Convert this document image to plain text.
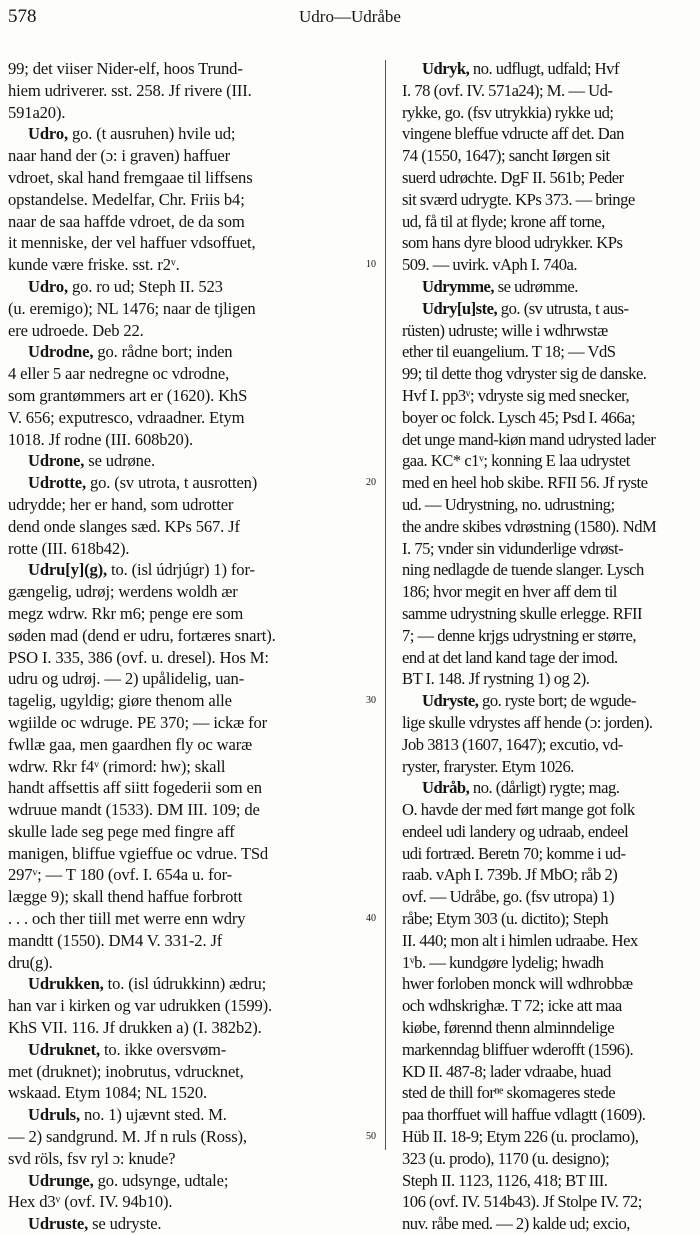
578	Udro—Udråbe
99; det viiser Nider-elf, hoos Trund-
hiem udriverer. sst. 258. Jf rivere (III.
591a20).
Udro, go. (t ausruhen) hvile ud;
naar hand der (ɔ: i graven) haffuer
vdroet, skal hand fremgaae til liffsens
opstandelse. Medelfar, Chr. Friis b4;
naar de saa haffde vdroet, de da som
it menniske, der vel haffuer vdsoffuet,
kunde være friske. sst. r2ᵛ.
Udro, go. ro ud; Steph II. 523
(u. eremigo); NL 1476; naar de tjligen
ere udroede. Deb 22.
Udrodne, go. rådne bort; inden
4 eller 5 aar nedregne oc vdrodne,
som grantømmers art er (1620). KhS
V. 656; exputresco, vdraadner. Etym
1018. Jf rodne (III. 608b20).
Udrone, se udrøne.
Udrotte, go. (sv utrota, t ausrotten)
udrydde; her er hand, som udrotter
dend onde slanges sæd. KPs 567. Jf
rotte (III. 618b42).
Udru[y](g), to. (isl údrjúgr) 1) for-
gængelig, udrøj; werdens woldh ær
megz wdrw. Rkr m6; penge ere som
søden mad (dend er udru, fortæres snart).
PSO I. 335, 386 (ovf. u. dresel). Hos M:
udru og udrøj. — 2) upålidelig, uan-
tagelig, ugyldig; giøre thenom alle
wgiilde oc wdruge. PE 370; — ickæ for
fwllæ gaa, men gaardhen fly oc waræ
wdrw. Rkr f4ᵛ (rimord: hw); skall
handt affsettis aff siitt fogederii som en
wdruue mandt (1533). DM III. 109; de
skulle lade seg pege med fingre aff
manigen, bliffue vgieffue oc vdrue. TSd
297ᵛ; — T 180 (ovf. I. 654a u. for-
lægge 9); skall thend haffue forbrott
. . . och ther tiill met werre enn wdry
mandtt (1550). DM4 V. 331-2. Jf
dru(g).
Udrukken, to. (isl údrukkinn) ædru;
han var i kirken og var udrukken (1599).
KhS VII. 116. Jf drukken a) (I. 382b2).
Udruknet, to. ikke oversvøm-
met (druknet); inobrutus, vdrucknet,
wskaad. Etym 1084; NL 1520.
Udruls, no. 1) ujævnt sted. M.
— 2) sandgrund. M. Jf n ruls (Ross),
svd röls, fsv ryl ɔ: knude?
Udrunge, go. udsynge, udtale;
Hex d3ᵛ (ovf. IV. 94b10).
Udruste, se udryste.
10
20
30
40
50
Udryk, no. udflugt, udfald; Hvf
I. 78 (ovf. IV. 571a24); M. — Ud-
rykke, go. (fsv utrykkia) rykke ud;
vingene bleffue vdructe aff det. Dan
74 (1550, 1647); sancht Iørgen sit
suerd udrøchte. DgF II. 561b; Peder
sit sværd udrygte. KPs 373. — bringe
ud, få til at flyde; krone aff torne,
som hans dyre blood udrykker. KPs
509. — uvirk. vAph I. 740a.
Udrymme, se udrømme.
Udry[u]ste, go. (sv utrusta, t aus-
rüsten) udruste; wille i wdhrwstæ
ether til euangelium. T 18; — VdS
99; til dette thog vdryster sig de danske.
Hvf I. pp3ᵛ; vdryste sig med snecker,
boyer oc folck. Lysch 45; Psd I. 466a;
det unge mand-kiøn mand udrysted lader
gaa. KC* c1ᵛ; konning E laa udrystet
med en heel hob skibe. RFII 56. Jf ryste
ud. — Udrystning, no. udrustning;
the andre skibes vdrøstning (1580). NdM
I. 75; vnder sin vidunderlige vdrøst-
ning nedlagde de tuende slanger. Lysch
186; hvor megit en hver aff dem til
samme udrystning skulle erlegge. RFII
7; — denne krjgs udrystning er større,
end at det land kand tage der imod.
BT I. 148. Jf rystning 1) og 2).
Udryste, go. ryste bort; de wgude-
lige skulle vdrystes aff hende (ɔ: jorden).
Job 3813 (1607, 1647); excutio, vd-
ryster, fraryster. Etym 1026.
Udråb, no. (dårligt) rygte; mag.
O. havde der med ført mange got folk
endeel udi landery og udraab, endeel
udi fortræd. Beretn 70; komme i ud-
raab. vAph I. 739b. Jf MbO; råb 2)
ovf. — Udråbe, go. (fsv utropa) 1)
råbe; Etym 303 (u. dictito); Steph
II. 440; mon alt i himlen udraabe. Hex
1ᵛb. — kundgøre lydelig; hwadh
hwer forloben monck will wdhrobbæ
och wdhskrighæ. T 72; icke att maa
kiøbe, førennd thenn alminndelige
markenndag bliffuer wderofft (1596).
KD II. 487-8; lader vdraabe, huad
sted de thill forⁿᵉ skomageres stede
paa thorffuet will haffue vdlagtt (1609).
Hüb II. 18-9; Etym 226 (u. proclamo),
323 (u. prodo), 1170 (u. designo);
Steph II. 1123, 1126, 418; BT III.
106 (ovf. IV. 514b43). Jf Stolpe IV. 72;
nuv. råbe med. — 2) kalde ud; excio,
